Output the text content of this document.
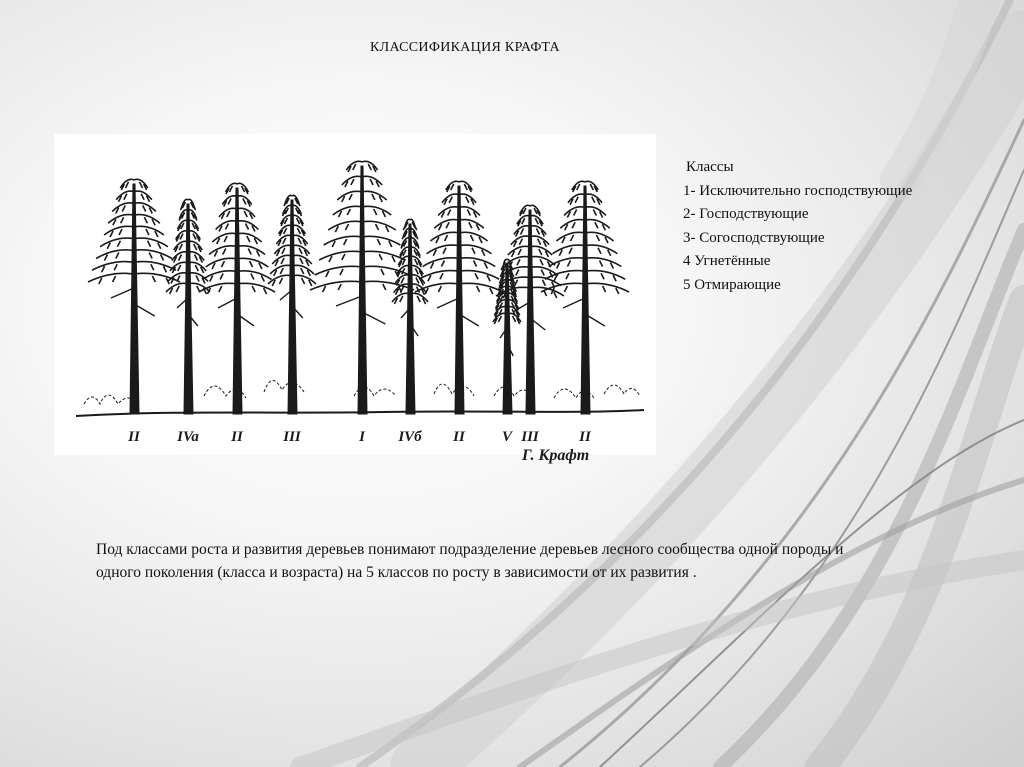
КЛАССИФИКАЦИЯ КРАФТА
II IVa II	III	I IVб II V III	II
Г. Крафт
Классы
1- Исключительно господствующие
2- Господствующие
3- Согосподствующие
4 Угнетённые
5 Отмирающие
Под классами роста и развития деревьев понимают подразделение деревьев лесного сообщества одной породы и одного поколения (класса и возраста) на 5 классов по росту в зависимости от их развития .
